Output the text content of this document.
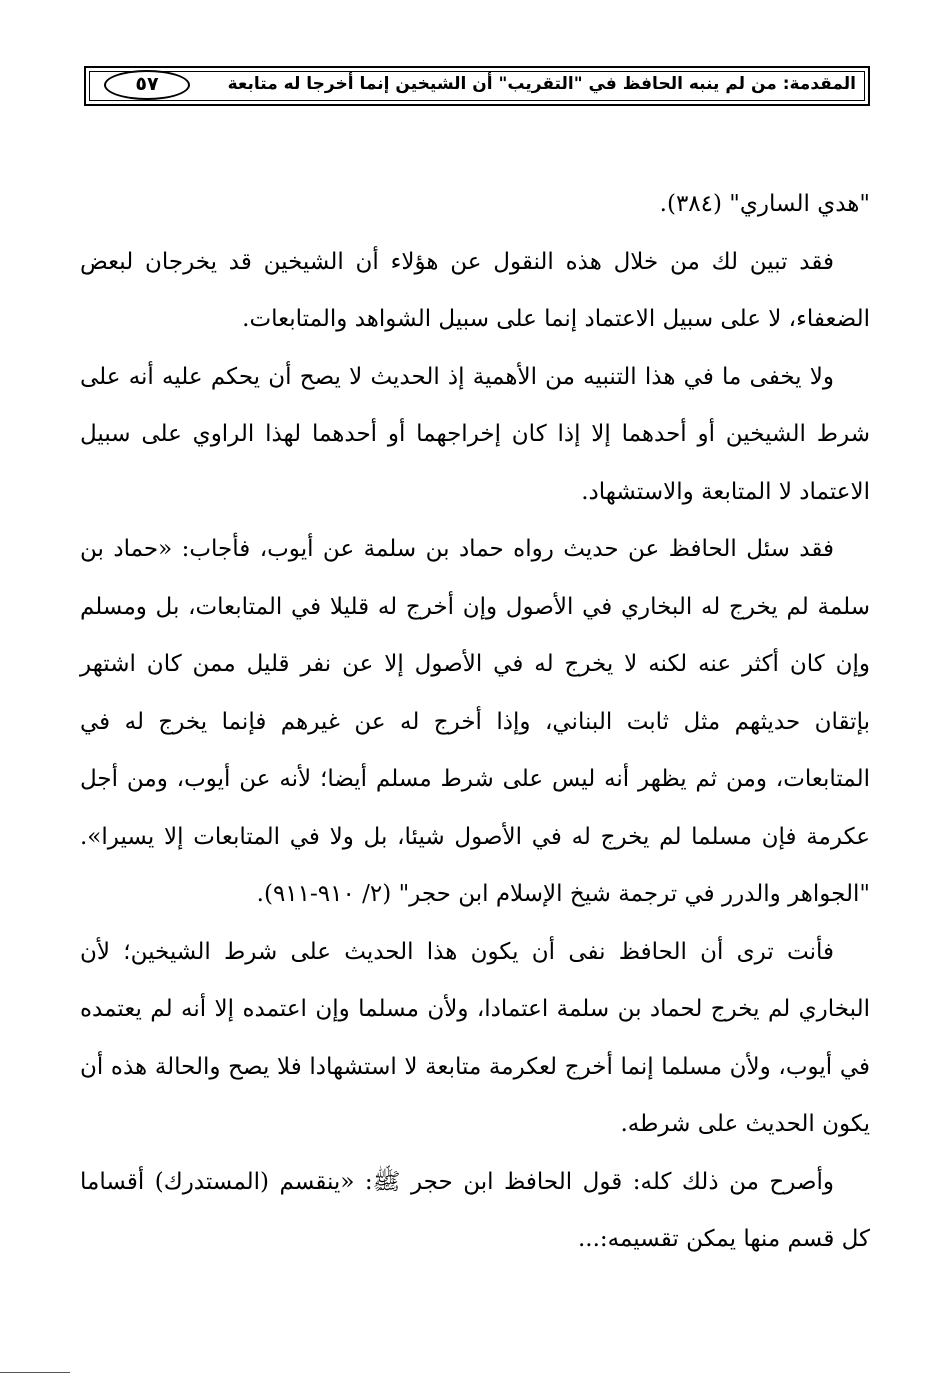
المقدمة: من لم ينبه الحافظ في "التقريب" أن الشيخين إنما أخرجا له متابعة
٥٧

"هدي الساري" (٣٨٤).

فقد تبين لك من خلال هذه النقول عن هؤلاء أن الشيخين قد يخرجان لبعض الضعفاء، لا على سبيل الاعتماد إنما على سبيل الشواهد والمتابعات.

ولا يخفى ما في هذا التنبيه من الأهمية إذ الحديث لا يصح أن يحكم عليه أنه على شرط الشيخين أو أحدهما إلا إذا كان إخراجهما أو أحدهما لهذا الراوي على سبيل الاعتماد لا المتابعة والاستشهاد.

فقد سئل الحافظ عن حديث رواه حماد بن سلمة عن أيوب، فأجاب: «حماد بن سلمة لم يخرج له البخاري في الأصول وإن أخرج له قليلا في المتابعات، بل ومسلم وإن كان أكثر عنه لكنه لا يخرج له في الأصول إلا عن نفر قليل ممن كان اشتهر بإتقان حديثهم مثل ثابت البناني، وإذا أخرج له عن غيرهم فإنما يخرج له في المتابعات، ومن ثم يظهر أنه ليس على شرط مسلم أيضا؛ لأنه عن أيوب، ومن أجل عكرمة فإن مسلما لم يخرج له في الأصول شيئا، بل ولا في المتابعات إلا يسيرا». "الجواهر والدرر في ترجمة شيخ الإسلام ابن حجر" (٢/ ٩١٠-٩١١).

فأنت ترى أن الحافظ نفى أن يكون هذا الحديث على شرط الشيخين؛ لأن البخاري لم يخرج لحماد بن سلمة اعتمادا، ولأن مسلما وإن اعتمده إلا أنه لم يعتمده في أيوب، ولأن مسلما إنما أخرج لعكرمة متابعة لا استشهادا فلا يصح والحالة هذه أن يكون الحديث على شرطه.

وأصرح من ذلك كله: قول الحافظ ابن حجر ﷺ: «ينقسم (المستدرك) أقساما كل قسم منها يمكن تقسيمه:...
